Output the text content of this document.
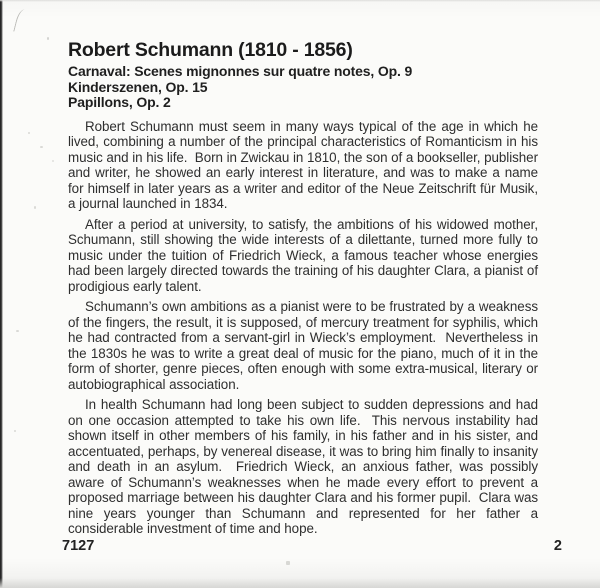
Robert Schumann (1810 - 1856)
Carnaval: Scenes mignonnes sur quatre notes, Op. 9
Kinderszenen, Op. 15
Papillons, Op. 2

Robert Schumann must seem in many ways typical of the age in which he lived, combining a number of the principal characteristics of Romanticism in his music and in his life.  Born in Zwickau in 1810, the son of a bookseller, publisher and writer, he showed an early interest in literature, and was to make a name for himself in later years as a writer and editor of the Neue Zeitschrift für Musik, a journal launched in 1834.

After a period at university, to satisfy, the ambitions of his widowed mother, Schumann, still showing the wide interests of a dilettante, turned more fully to music under the tuition of Friedrich Wieck, a famous teacher whose energies had been largely directed towards the training of his daughter Clara, a pianist of prodigious early talent.

Schumann’s own ambitions as a pianist were to be frustrated by a weakness of the fingers, the result, it is supposed, of mercury treatment for syphilis, which he had contracted from a servant-girl in Wieck’s employment.  Nevertheless in the 1830s he was to write a great deal of music for the piano, much of it in the form of shorter, genre pieces, often enough with some extra-musical, literary or autobiographical association.

In health Schumann had long been subject to sudden depressions and had on one occasion attempted to take his own life.  This nervous instability had shown itself in other members of his family, in his father and in his sister, and accentuated, perhaps, by venereal disease, it was to bring him finally to insanity and death in an asylum.  Friedrich Wieck, an anxious father, was possibly aware of Schumann’s weaknesses when he made every effort to prevent a proposed marriage between his daughter Clara and his former pupil.  Clara was nine years younger than Schumann and represented for her father a considerable investment of time and hope.

7127	2
